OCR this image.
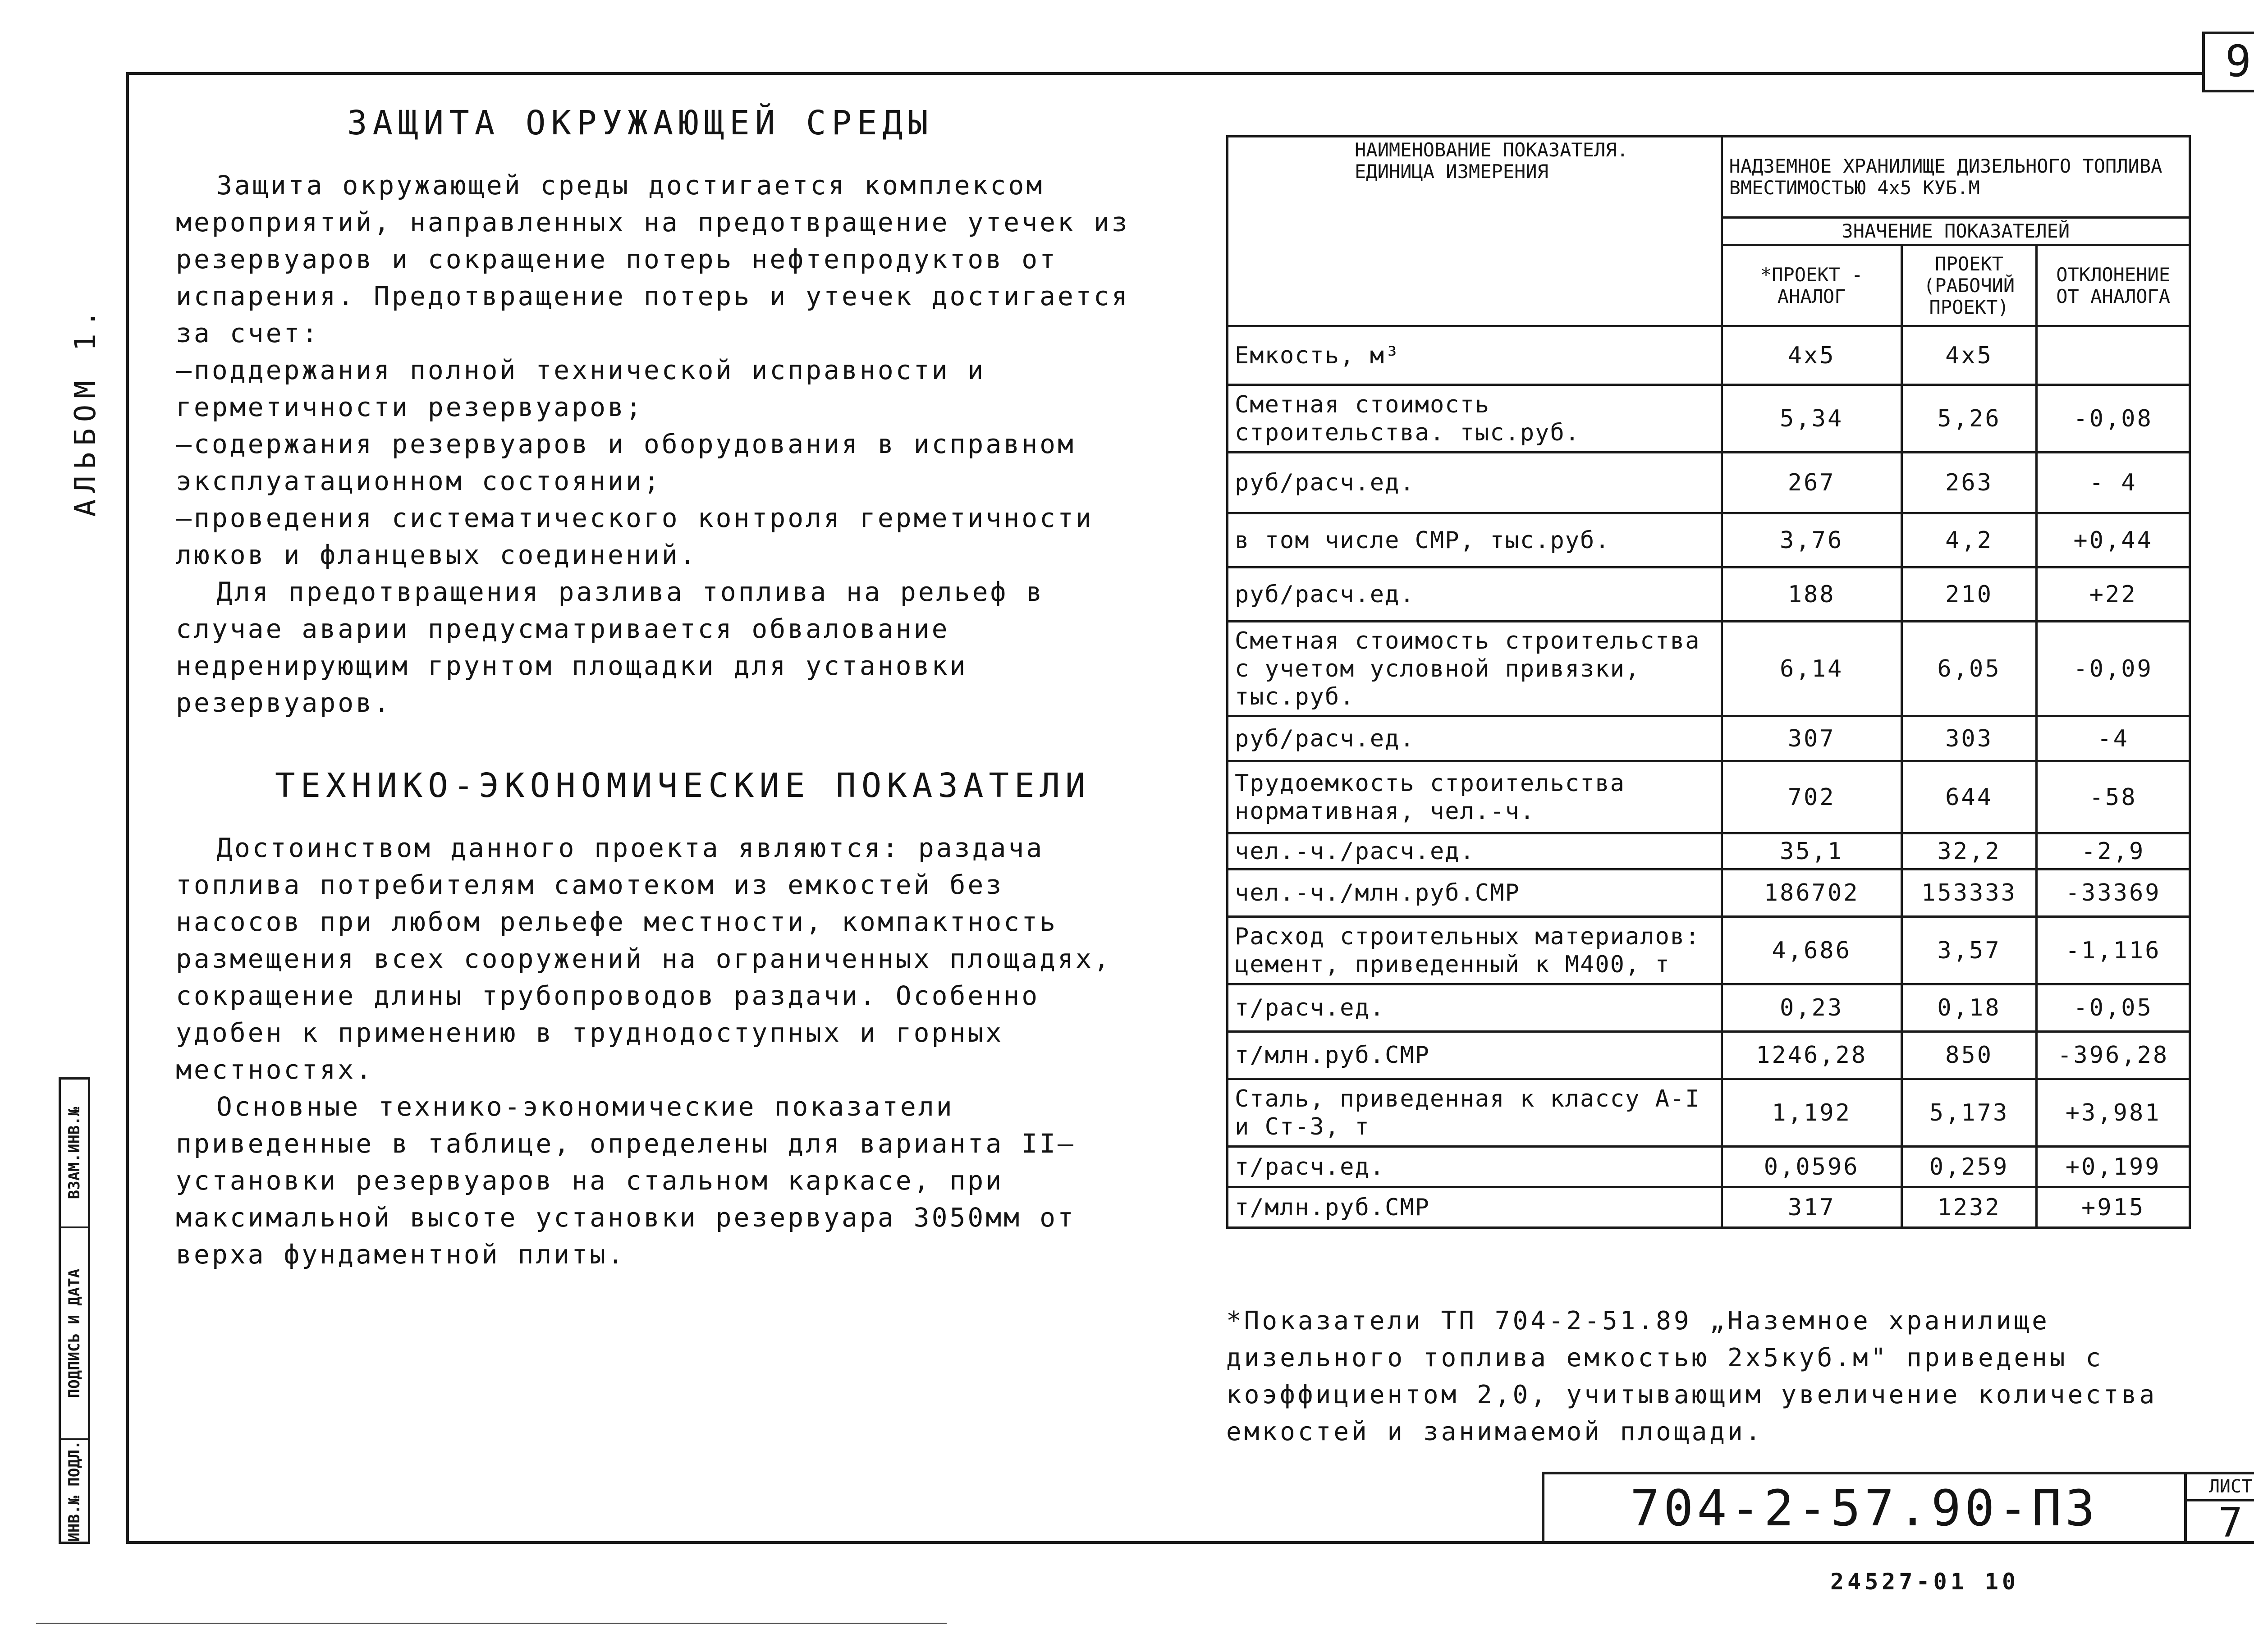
9
АЛЬБОМ 1.
ВЗАМ.ИНВ.№
ПОДПИСЬ И ДАТА
ИНВ.№ ПОДЛ.
ЗАЩИТА ОКРУЖАЮЩЕЙ СРЕДЫ

Защита окружающей среды достигается комплексом мероприятий, направленных на предотвращение утечек из резервуаров и сокращение потерь нефтепродуктов от испарения. Предотвращение потерь и утечек достигается за счет:

—поддержания полной технической исправности и герметичности резервуаров;

—содержания резервуаров и оборудования в исправном эксплуатационном состоянии;

—проведения систематического контроля герметичности люков и фланцевых соединений.

Для предотвращения разлива топлива на рельеф в случае аварии предусматривается обвалование недренирующим грунтом площадки для установки резервуаров.

ТЕХНИКО-ЭКОНОМИЧЕСКИЕ ПОКАЗАТЕЛИ

Достоинством данного проекта являются: раздача топлива потребителям самотеком из емкостей без насосов при любом рельефе местности, компактность размещения всех сооружений на ограниченных площадях, сокращение длины трубопроводов раздачи. Особенно удобен к применению в труднодоступных и горных местностях.

Основные технико-экономические показатели приведенные в таблице, определены для варианта II–установки резервуаров на стальном каркасе, при максимальной высоте установки резервуара 3050мм от верха фундаментной плиты.

НАИМЕНОВАНИЕ ПОКАЗАТЕЛЯ. ЕДИНИЦА ИЗМЕРЕНИЯ	НАДЗЕМНОЕ ХРАНИЛИЩЕ ДИЗЕЛЬНОГО ТОПЛИВА ВМЕСТИМОСТЬЮ 4х5 КУБ.М		
	ЗНАЧЕНИЕ ПОКАЗАТЕЛЕЙ		
	*ПРОЕКТ - АНАЛОГ	ПРОЕКТ (РАБОЧИЙ ПРОЕКТ)	ОТКЛОНЕНИЕ ОТ АНАЛОГА
Емкость, м³	4х5	4х5	
Сметная стоимость строительства. тыс.руб.	5,34	5,26	-0,08
руб/расч.ед.	267	263	- 4
в том числе СМР, тыс.руб.	3,76	4,2	+0,44
руб/расч.ед.	188	210	+22
Сметная стоимость строительства с учетом условной привязки, тыс.руб.	6,14	6,05	-0,09
руб/расч.ед.	307	303	-4
Трудоемкость строительства нормативная, чел.-ч.	702	644	-58
чел.-ч./расч.ед.	35,1	32,2	-2,9
чел.-ч./млн.руб.СМР	186702	153333	-33369
Расход строительных материалов: цемент, приведенный к М400, т	4,686	3,57	-1,116
т/расч.ед.	0,23	0,18	-0,05
т/млн.руб.СМР	1246,28	850	-396,28
Сталь, приведенная к классу А-I и Ст-3, т	1,192	5,173	+3,981
т/расч.ед.	0,0596	0,259	+0,199
т/млн.руб.СМР	317	1232	+915
*Показатели ТП 704-2-51.89 „Наземное хранилище дизельного топлива емкостью 2х5куб.м" приведены с коэффициентом 2,0, учитывающим увеличение количества емкостей и занимаемой площади.
704-2-57.90-ПЗ	ЛИСТ
7
24527-01 10
